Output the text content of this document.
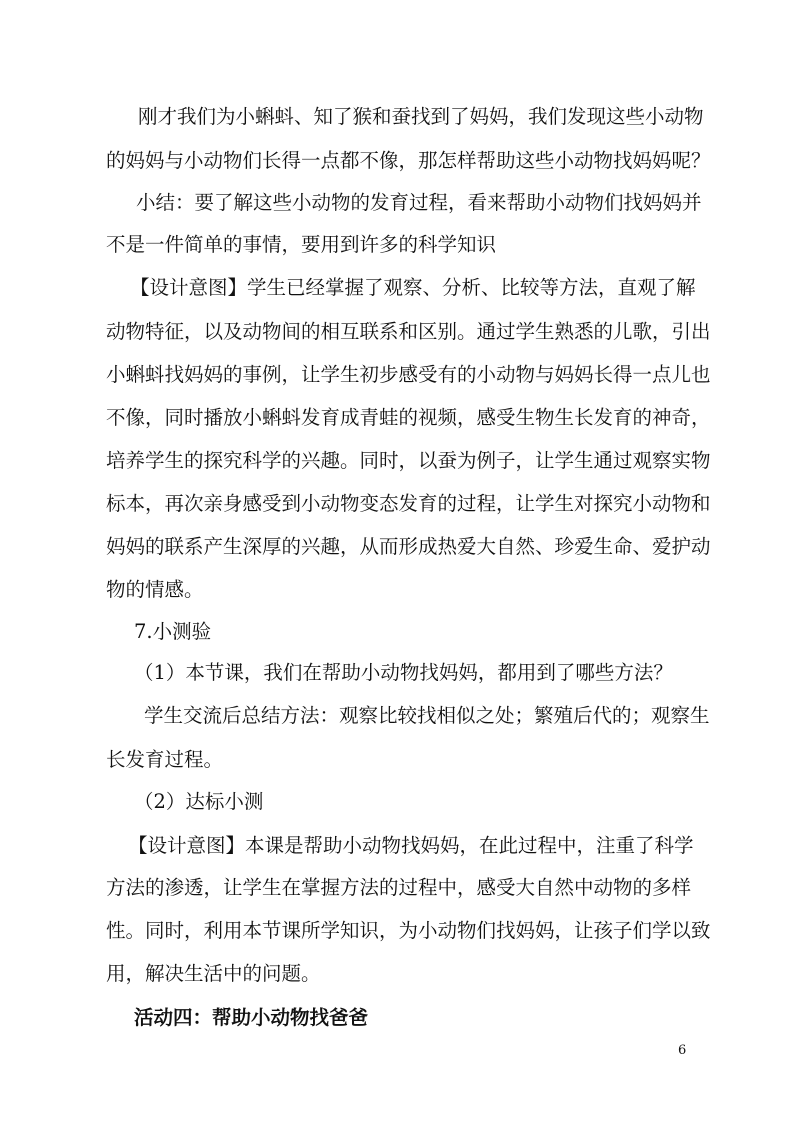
刚才我们为小蝌蚪、知了猴和蚕找到了妈妈，我们发现这些小动物
的妈妈与小动物们长得一点都不像，那怎样帮助这些小动物找妈妈呢？
小结：要了解这些小动物的发育过程，看来帮助小动物们找妈妈并
不是一件简单的事情，要用到许多的科学知识
【设计意图】学生已经掌握了观察、分析、比较等方法，直观了解
动物特征，以及动物间的相互联系和区别。通过学生熟悉的儿歌，引出
小蝌蚪找妈妈的事例，让学生初步感受有的小动物与妈妈长得一点儿也
不像，同时播放小蝌蚪发育成青蛙的视频，感受生物生长发育的神奇，
培养学生的探究科学的兴趣。同时，以蚕为例子，让学生通过观察实物
标本，再次亲身感受到小动物变态发育的过程，让学生对探究小动物和
妈妈的联系产生深厚的兴趣，从而形成热爱大自然、珍爱生命、爱护动
物的情感。
7.小测验
（1）本节课，我们在帮助小动物找妈妈，都用到了哪些方法？
学生交流后总结方法：观察比较找相似之处；繁殖后代的；观察生
长发育过程。
（2）达标小测
【设计意图】本课是帮助小动物找妈妈，在此过程中，注重了科学
方法的渗透，让学生在掌握方法的过程中，感受大自然中动物的多样
性。同时，利用本节课所学知识，为小动物们找妈妈，让孩子们学以致
用，解决生活中的问题。
活动四：帮助小动物找爸爸
6
